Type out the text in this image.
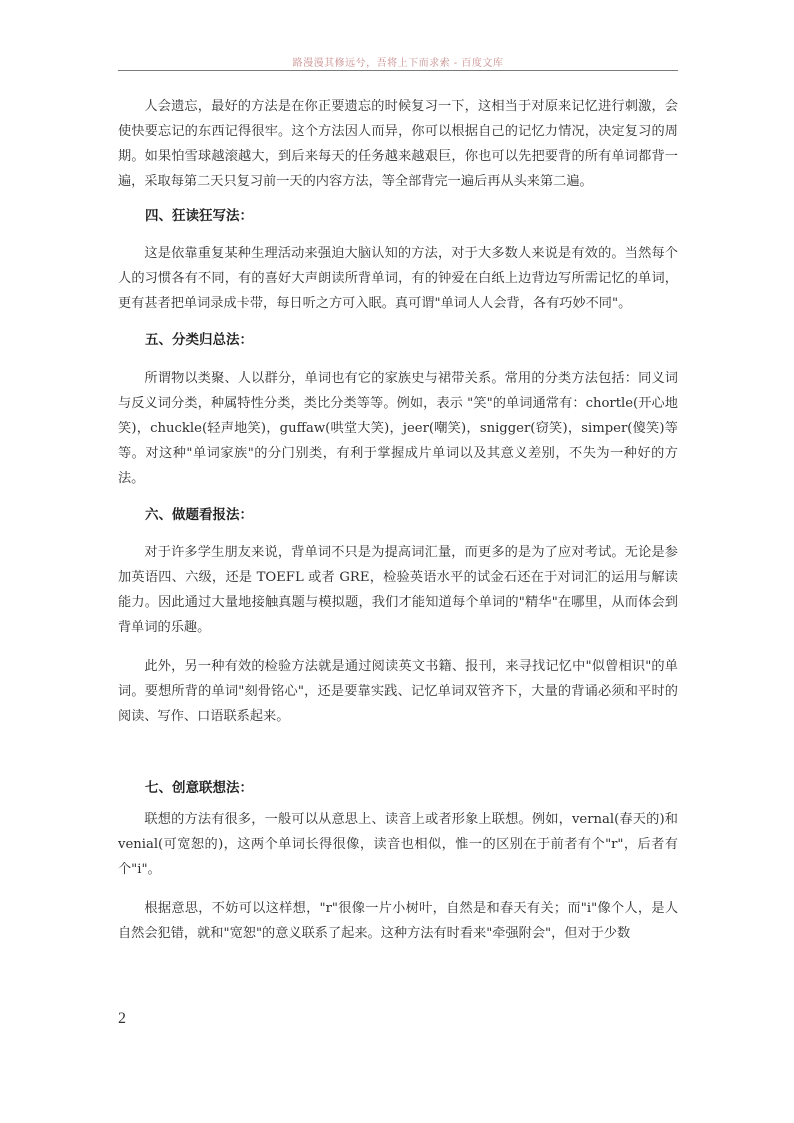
路漫漫其修远兮，吾将上下而求索 - 百度文库

人会遗忘，最好的方法是在你正要遗忘的时候复习一下，这相当于对原来记忆进行刺激，会使快要忘记的东西记得很牢。这个方法因人而异，你可以根据自己的记忆力情况，决定复习的周期。如果怕雪球越滚越大，到后来每天的任务越来越艰巨，你也可以先把要背的所有单词都背一遍，采取每第二天只复习前一天的内容方法，等全部背完一遍后再从头来第二遍。

四、狂读狂写法：

这是依靠重复某种生理活动来强迫大脑认知的方法，对于大多数人来说是有效的。当然每个人的习惯各有不同，有的喜好大声朗读所背单词，有的钟爱在白纸上边背边写所需记忆的单词，更有甚者把单词录成卡带，每日听之方可入眠。真可谓"单词人人会背，各有巧妙不同"。

五、分类归总法：

所谓物以类聚、人以群分，单词也有它的家族史与裙带关系。常用的分类方法包括：同义词与反义词分类，种属特性分类，类比分类等等。例如，表示 "笑"的单词通常有：chortle(开心地笑)，chuckle(轻声地笑)，guffaw(哄堂大笑)，jeer(嘲笑)，snigger(窃笑)，simper(傻笑)等等。对这种"单词家族"的分门别类，有利于掌握成片单词以及其意义差别，不失为一种好的方法。

六、做题看报法：

对于许多学生朋友来说，背单词不只是为提高词汇量，而更多的是为了应对考试。无论是参加英语四、六级，还是 TOEFL 或者 GRE，检验英语水平的试金石还在于对词汇的运用与解读能力。因此通过大量地接触真题与模拟题，我们才能知道每个单词的"精华"在哪里，从而体会到背单词的乐趣。

此外，另一种有效的检验方法就是通过阅读英文书籍、报刊，来寻找记忆中"似曾相识"的单词。要想所背的单词"刻骨铭心"，还是要靠实践、记忆单词双管齐下，大量的背诵必须和平时的阅读、写作、口语联系起来。

七、创意联想法：

联想的方法有很多，一般可以从意思上、读音上或者形象上联想。例如，vernal(春天的)和 venial(可宽恕的)，这两个单词长得很像，读音也相似，惟一的区别在于前者有个"r"，后者有个"i"。

根据意思，不妨可以这样想，"r"很像一片小树叶，自然是和春天有关；而"i"像个人，是人自然会犯错，就和"宽恕"的意义联系了起来。这种方法有时看来"牵强附会"，但对于少数

2
